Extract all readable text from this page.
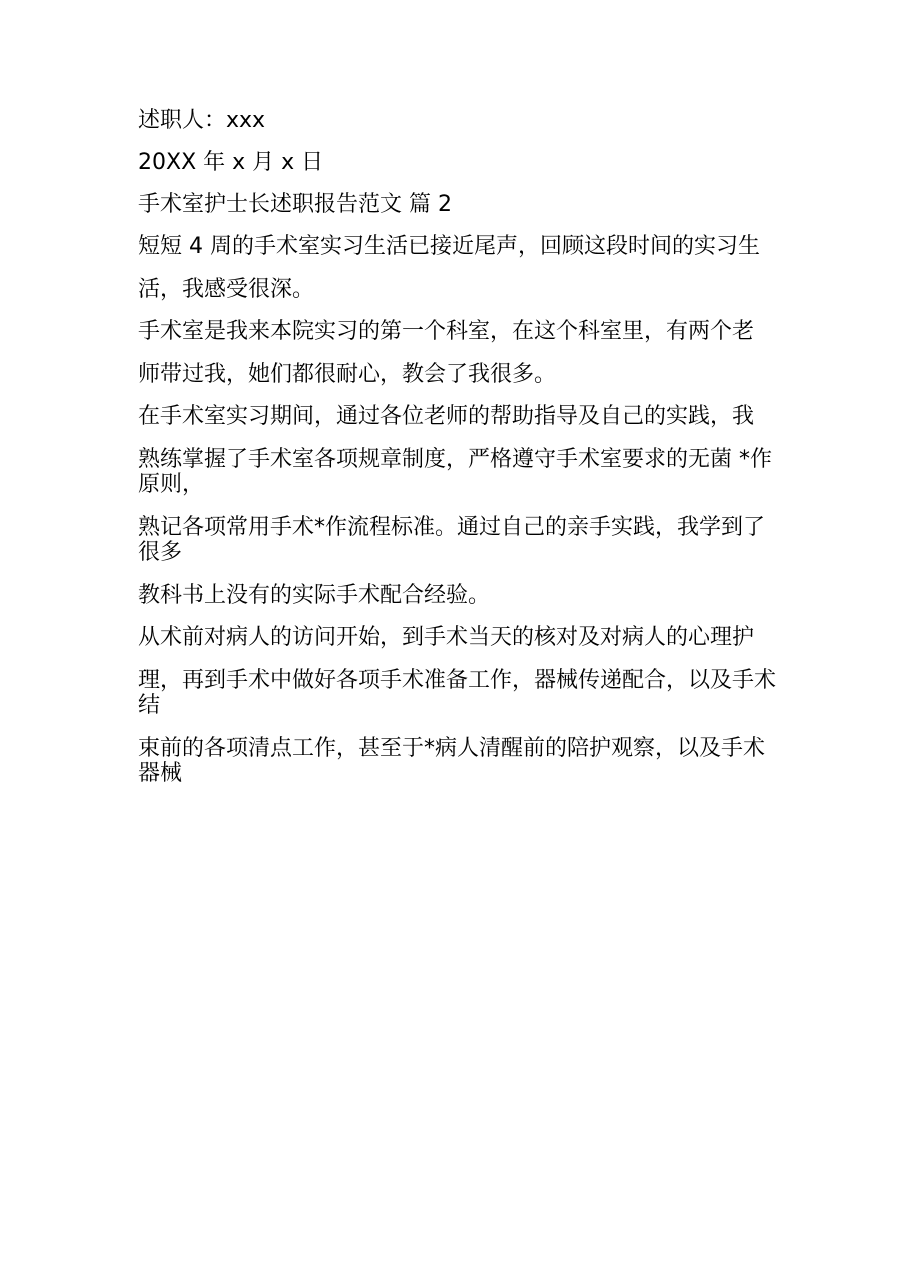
述职人：xxx

20XX 年 x 月 x 日

手术室护士长述职报告范文 篇 2

短短 4 周的手术室实习生活已接近尾声，回顾这段时间的实习生

活，我感受很深。

手术室是我来本院实习的第一个科室，在这个科室里，有两个老

师带过我，她们都很耐心，教会了我很多。

在手术室实习期间，通过各位老师的帮助指导及自己的实践，我

熟练掌握了手术室各项规章制度，严格遵守手术室要求的无菌 *作原则，

熟记各项常用手术*作流程标准。通过自己的亲手实践，我学到了很多

教科书上没有的实际手术配合经验。

从术前对病人的访问开始，到手术当天的核对及对病人的心理护

理，再到手术中做好各项手术准备工作，器械传递配合，以及手术结

束前的各项清点工作，甚至于*病人清醒前的陪护观察，以及手术器械
